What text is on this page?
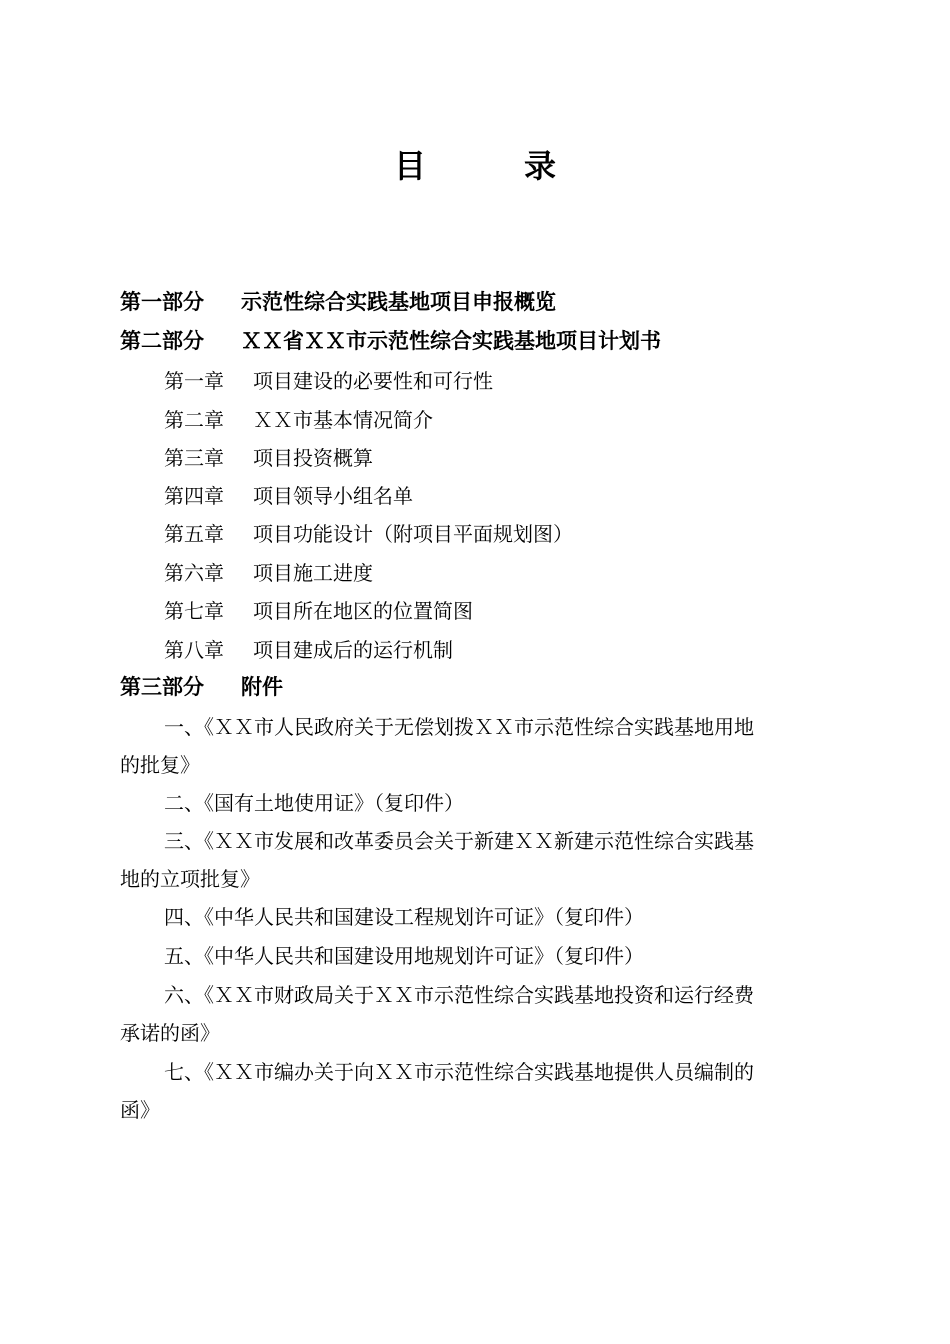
目	录
第一部分 示范性综合实践基地项目申报概览
第二部分 ＸＸ省ＸＸ市示范性综合实践基地项目计划书
第一章 项目建设的必要性和可行性
第二章 ＸＸ市基本情况简介
第三章 项目投资概算
第四章 项目领导小组名单
第五章 项目功能设计（附项目平面规划图）
第六章 项目施工进度
第七章 项目所在地区的位置简图
第八章 项目建成后的运行机制
第三部分 附件
一、《ＸＸ市人民政府关于无偿划拨ＸＸ市示范性综合实践基地用地
的批复》
二、《国有土地使用证》（复印件）
三、《ＸＸ市发展和改革委员会关于新建ＸＸ新建示范性综合实践基
地的立项批复》
四、《中华人民共和国建设工程规划许可证》（复印件）
五、《中华人民共和国建设用地规划许可证》（复印件）
六、《ＸＸ市财政局关于ＸＸ市示范性综合实践基地投资和运行经费
承诺的函》
七、《ＸＸ市编办关于向ＸＸ市示范性综合实践基地提供人员编制的
函》
